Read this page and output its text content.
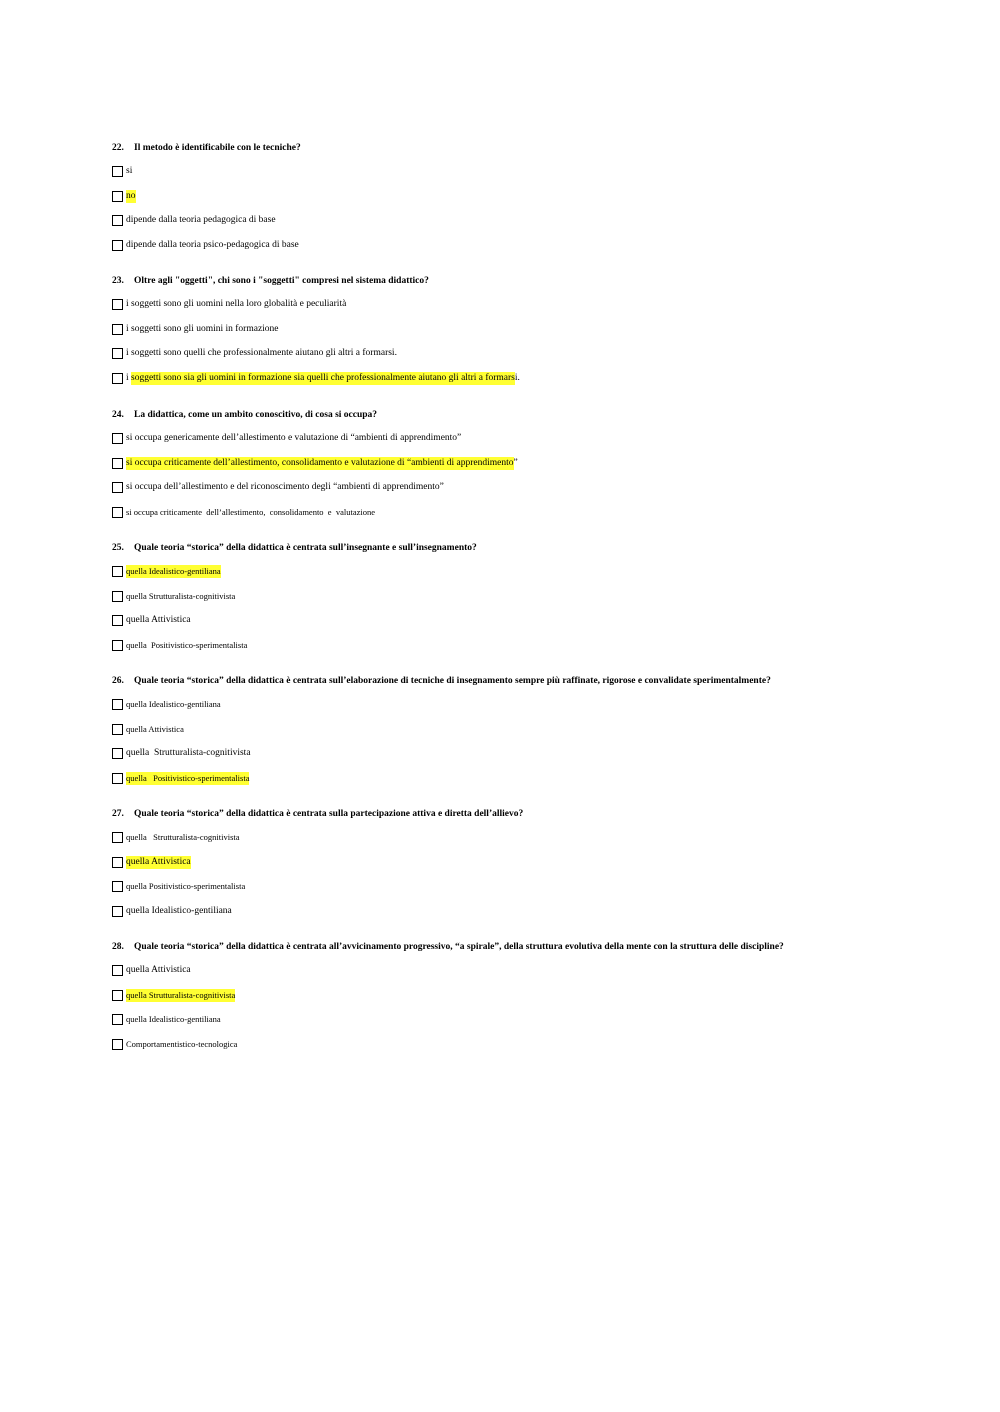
22. Il metodo è identificabile con le tecniche?

si
no
dipende dalla teoria pedagogica di base
dipende dalla teoria psico-pedagogica di base

23. Oltre agli "oggetti", chi sono i "soggetti" compresi nel sistema didattico?

i soggetti sono gli uomini nella loro globalità e peculiarità
i soggetti sono gli uomini in formazione
i soggetti sono quelli che professionalmente aiutano gli altri a formarsi.
i soggetti sono sia gli uomini in formazione sia quelli che professionalmente aiutano gli altri a formars i.

24. La didattica, come un ambito conoscitivo, di cosa si occupa?

si occupa genericamente dell’allestimento e valutazione di “ambienti di apprendimento”
si occupa criticamente dell’allestimento, consolidamento e valutazione di “ambienti di apprendimento ”
si occupa dell’allestimento e del riconoscimento degli “ambienti di apprendimento”
si occupa criticamente  dell’allestimento,  consolidamento  e  valutazione

25. Quale teoria “storica” della didattica è centrata sull’insegnante e sull’insegnamento?

quella Idealistico-gentiliana
quella Strutturalista-cognitivista
quella Attivistica
quella  Positivistico-sperimentalista

26. Quale teoria “storica” della didattica è centrata sull’elaborazione di tecniche di insegnamento sempre più raffinate, rigorose e convalidate sperimentalmente?

quella Idealistico-gentiliana
quella Attivistica
quella  Strutturalista-cognitivista
quella   Positivistico-sperimentalista

27. Quale teoria “storica” della didattica è centrata sulla partecipazione attiva e diretta dell’allievo?

quella   Strutturalista-cognitivista
quella Attivistica
quella Positivistico-sperimentalista
quella Idealistico-gentiliana

28. Quale teoria “storica” della didattica è centrata all’avvicinamento progressivo, “a spirale”, della struttura evolutiva della mente con la struttura delle discipline?

quella Attivistica
quella Strutturalista-cognitivista
quella Idealistico-gentiliana
Comportamentistico-tecnologica
